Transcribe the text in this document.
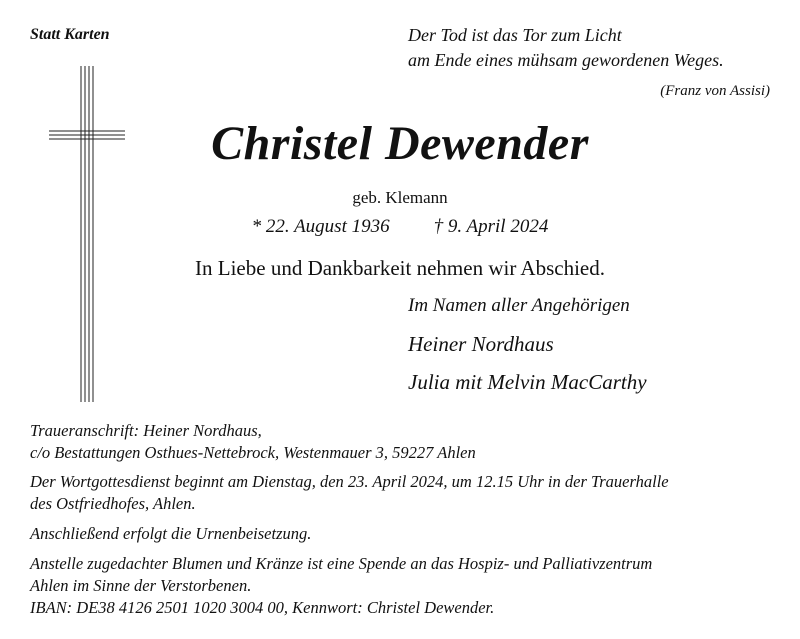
Statt Karten	Der Tod ist das Tor zum Licht
am Ende eines mühsam gewordenen Weges.
(Franz von Assisi)
Christel Dewender
geb. Klemann
* 22. August 1936 † 9. April 2024
In Liebe und Dankbarkeit nehmen wir Abschied.
Im Namen aller Angehörigen
Heiner Nordhaus
Julia mit Melvin MacCarthy
Traueranschrift: Heiner Nordhaus,
c/o Bestattungen Osthues-Nettebrock, Westenmauer 3, 59227 Ahlen
Der Wortgottesdienst beginnt am Dienstag, den 23. April 2024, um 12.15 Uhr in der Trauerhalle
des Ostfriedhofes, Ahlen.
Anschließend erfolgt die Urnenbeisetzung.
Anstelle zugedachter Blumen und Kränze ist eine Spende an das Hospiz- und Palliativzentrum
Ahlen im Sinne der Verstorbenen.
IBAN: DE38 4126 2501 1020 3004 00, Kennwort: Christel Dewender.
